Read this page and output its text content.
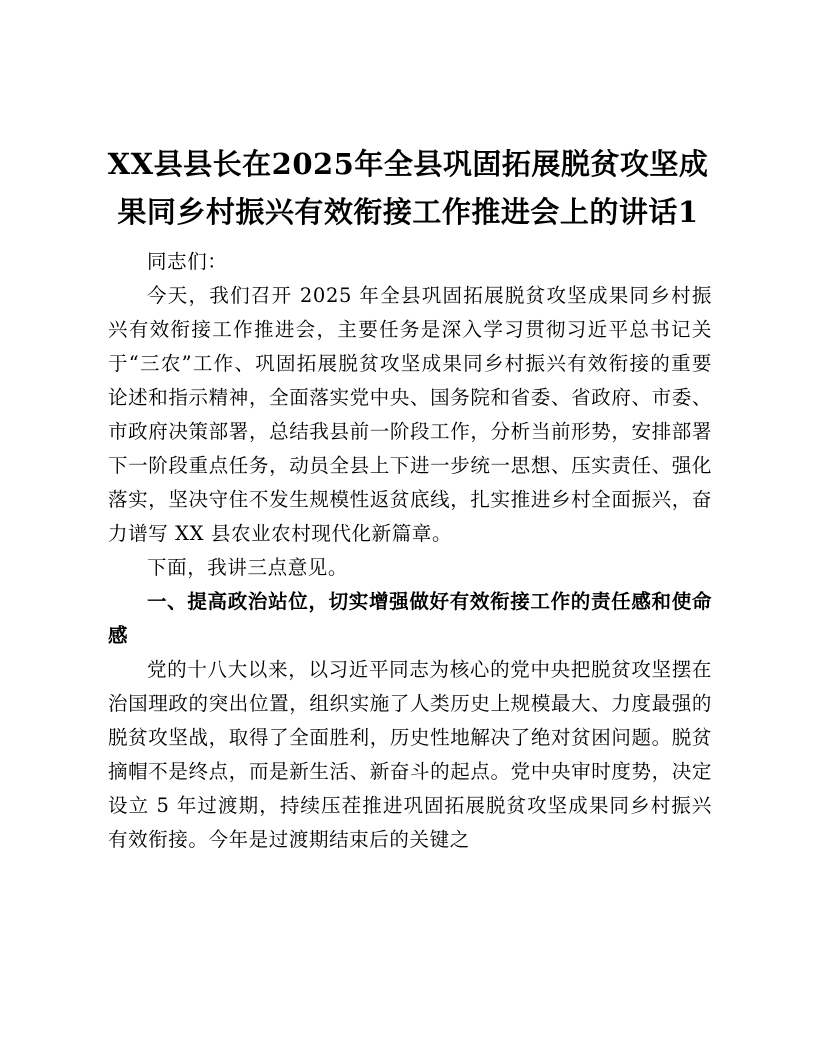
XX县县长在2025年全县巩固拓展脱贫攻坚成
果同乡村振兴有效衔接工作推进会上的讲话1

同志们：

今天，我们召开 2025 年全县巩固拓展脱贫攻坚成果同乡村振兴有效衔接工作推进会，主要任务是深入学习贯彻习近平总书记关于“三农”工作、巩固拓展脱贫攻坚成果同乡村振兴有效衔接的重要论述和指示精神，全面落实党中央、国务院和省委、省政府、市委、市政府决策部署，总结我县前一阶段工作，分析当前形势，安排部署下一阶段重点任务，动员全县上下进一步统一思想、压实责任、强化落实，坚决守住不发生规模性返贫底线，扎实推进乡村全面振兴，奋力谱写 XX 县农业农村现代化新篇章。

下面，我讲三点意见。

一、提高政治站位，切实增强做好有效衔接工作的责任感和使命感

党的十八大以来，以习近平同志为核心的党中央把脱贫攻坚摆在治国理政的突出位置，组织实施了人类历史上规模最大、力度最强的脱贫攻坚战，取得了全面胜利，历史性地解决了绝对贫困问题。脱贫摘帽不是终点，而是新生活、新奋斗的起点。党中央审时度势，决定设立 5 年过渡期，持续压茬推进巩固拓展脱贫攻坚成果同乡村振兴有效衔接。今年是过渡期结束后的关键之
